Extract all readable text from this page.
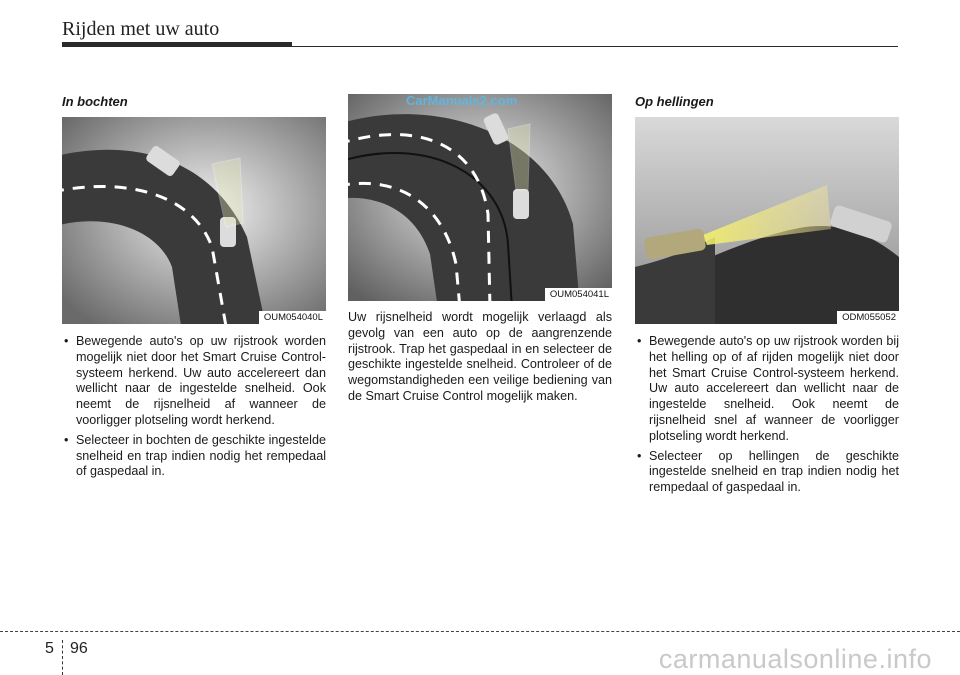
Rijden met uw auto
In bochten
OUM054040L
• Bewegende auto's op uw rijstrook worden mogelijk niet door het Smart Cruise Control-systeem herkend. Uw auto accelereert dan wellicht naar de ingestelde snelheid. Ook neemt de rijsnelheid af wanneer de voorligger plotseling wordt herkend.
• Selecteer in bochten de geschikte ingestelde snelheid en trap indien nodig het rempedaal of gaspedaal in.
OUM054041L
CarManuals2.com

Uw rijsnelheid wordt mogelijk verlaagd als gevolg van een auto op de aangrenzende rijstrook. Trap het gaspedaal in en selecteer de geschikte ingestelde snelheid. Controleer of de wegomstandigheden een veilige bediening van de Smart Cruise Control mogelijk maken.

Op hellingen
ODM055052
• Bewegende auto's op uw rijstrook worden bij het helling op of af rijden mogelijk niet door het Smart Cruise Control-systeem herkend. Uw auto accelereert dan wellicht naar de ingestelde snelheid. Ook neemt de rijsnelheid snel af wanneer de voorligger plotseling wordt herkend.
• Selecteer op hellingen de geschikte ingestelde snelheid en trap indien nodig het rempedaal of gaspedaal in.
5 96	carmanualsonline.info
